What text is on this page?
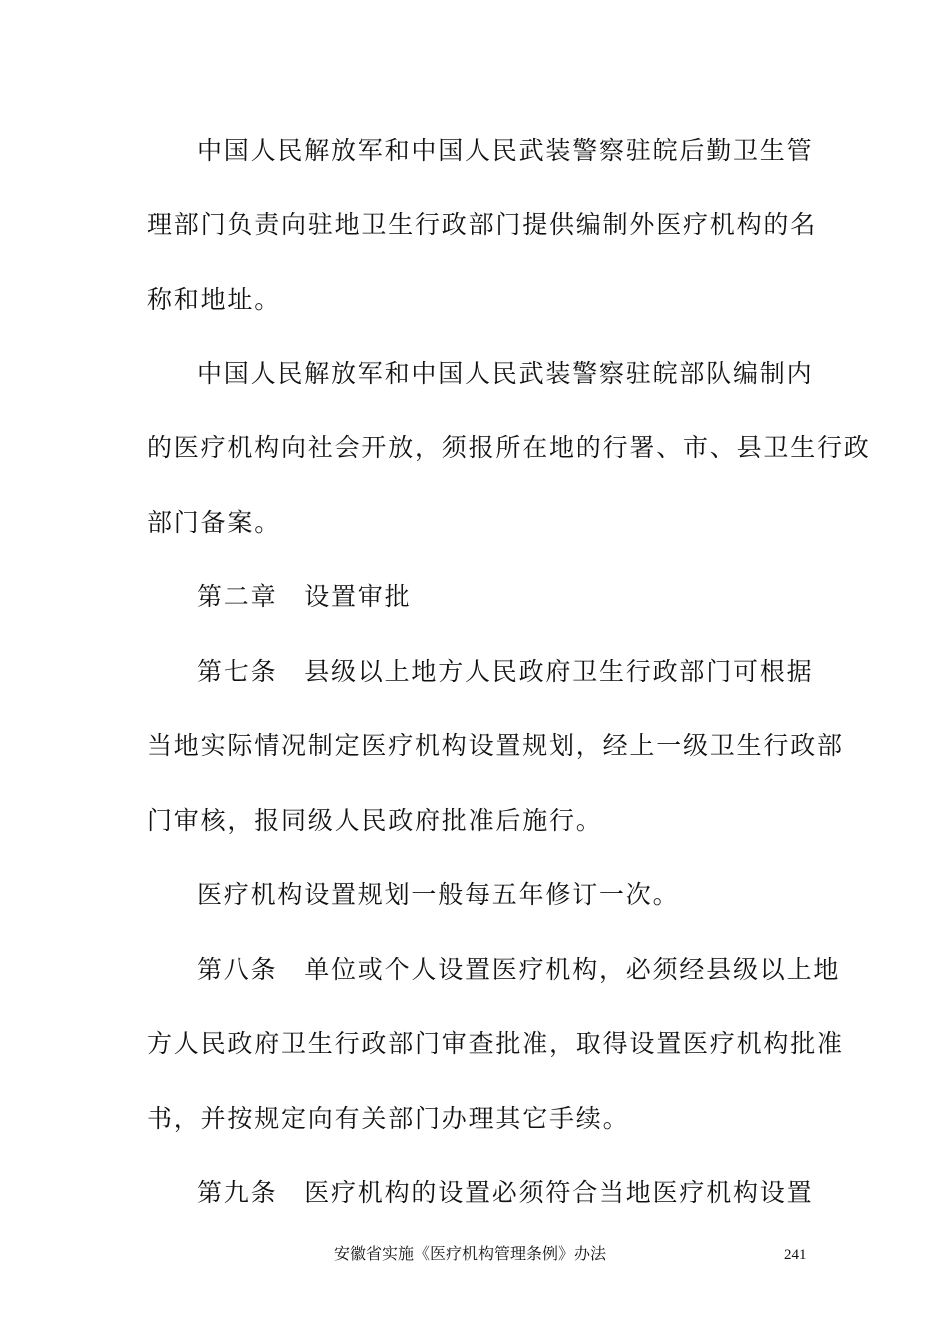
中国人民解放军和中国人民武装警察驻皖后勤卫生管
理部门负责向驻地卫生行政部门提供编制外医疗机构的名
称和地址。
中国人民解放军和中国人民武装警察驻皖部队编制内
的医疗机构向社会开放，须报所在地的行署、市、县卫生行政
部门备案。
第二章　设置审批
第七条　县级以上地方人民政府卫生行政部门可根据
当地实际情况制定医疗机构设置规划，经上一级卫生行政部
门审核，报同级人民政府批准后施行。
医疗机构设置规划一般每五年修订一次。
第八条　单位或个人设置医疗机构，必须经县级以上地
方人民政府卫生行政部门审查批准，取得设置医疗机构批准
书，并按规定向有关部门办理其它手续。
第九条　医疗机构的设置必须符合当地医疗机构设置
安徽省实施《医疗机构管理条例》办法	241
